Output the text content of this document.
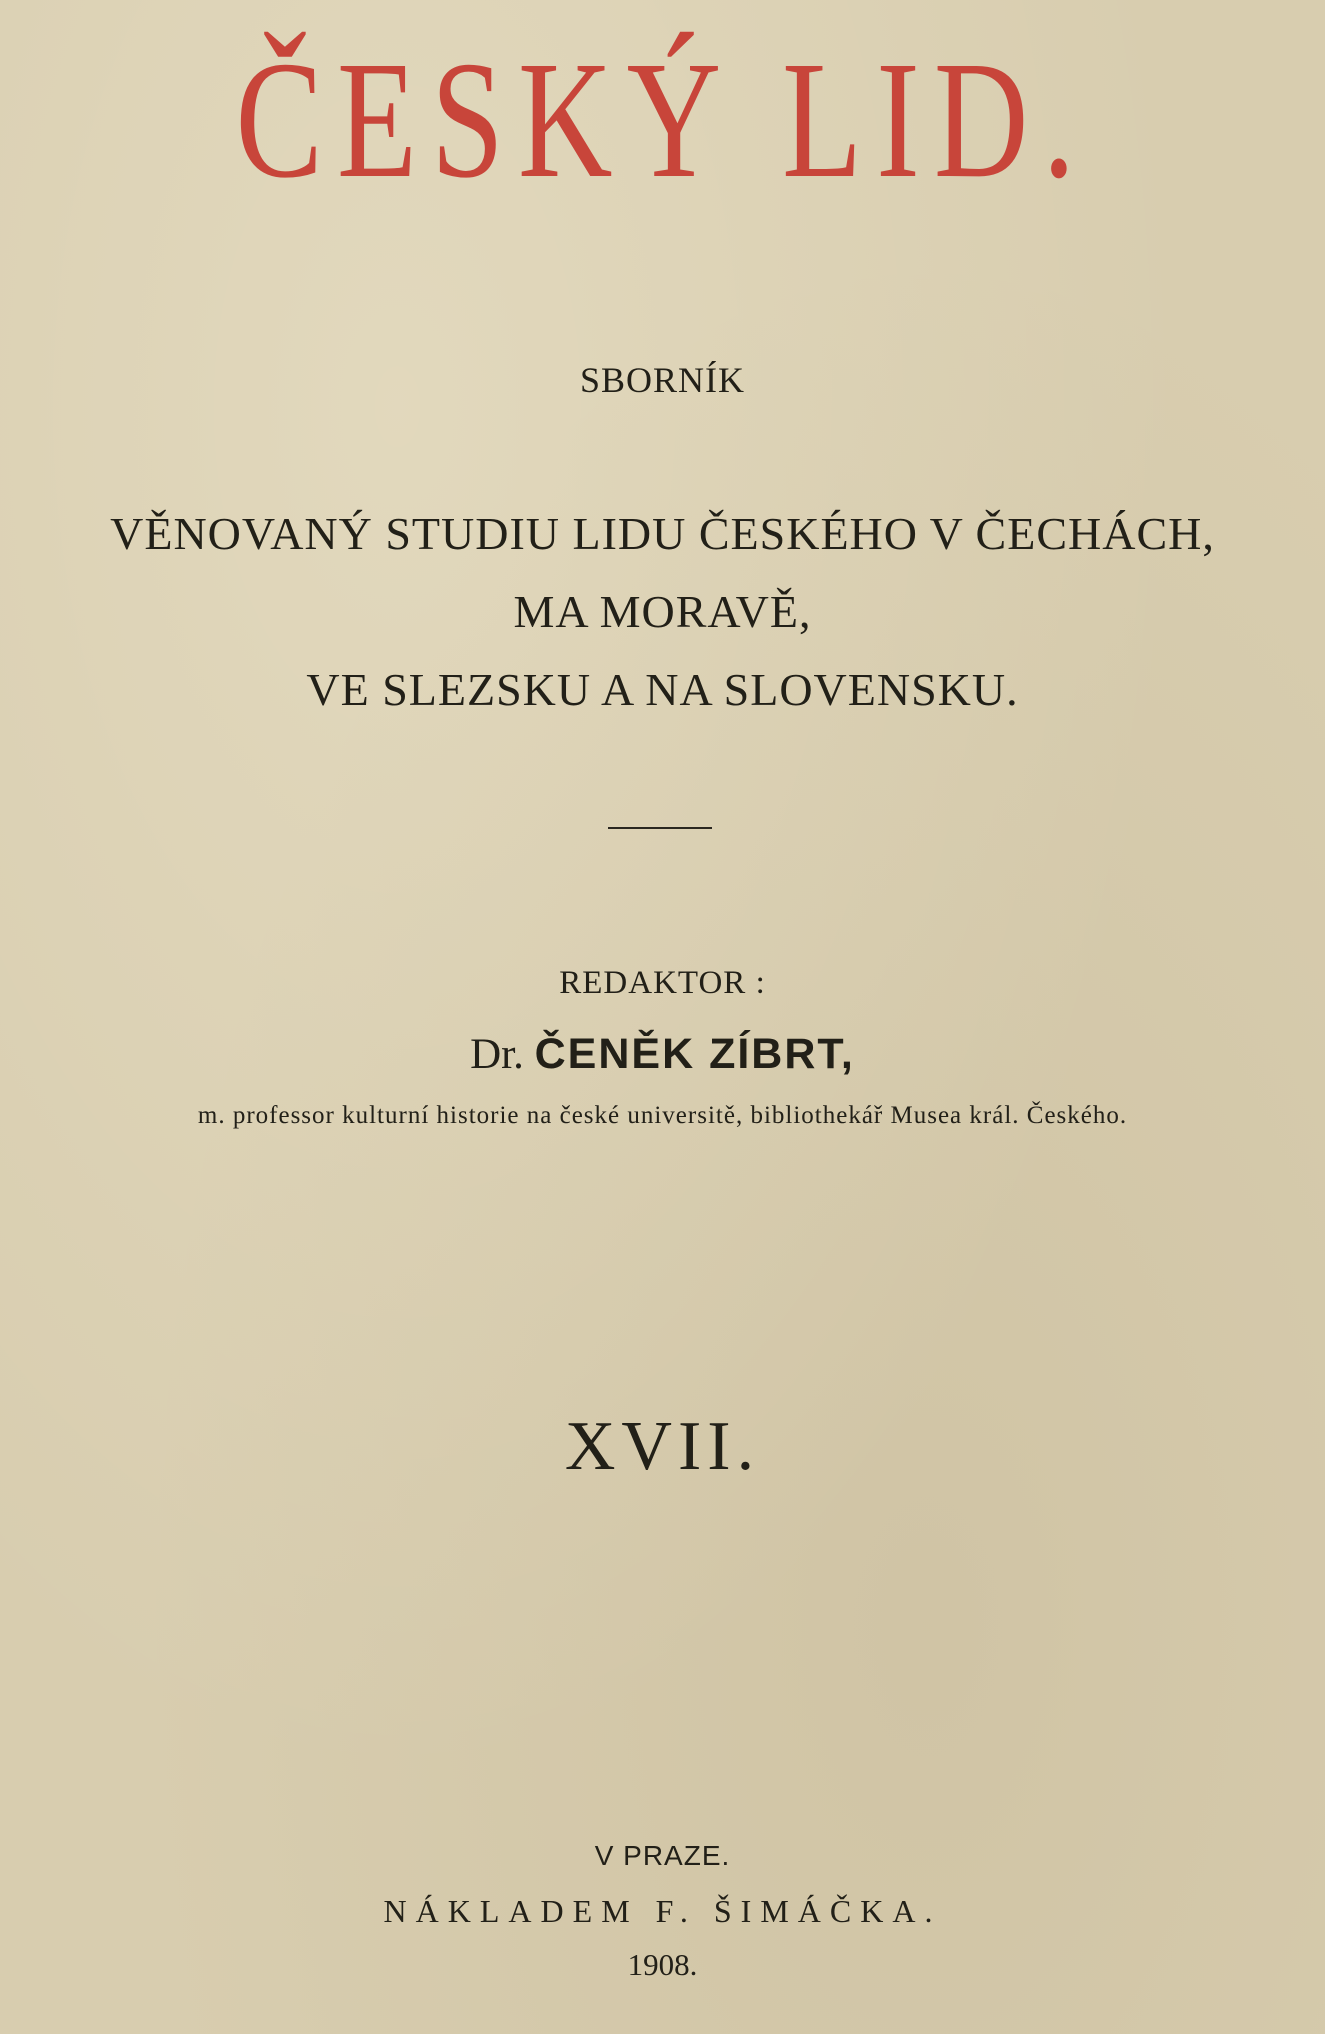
ČESKÝ LID.
SBORNÍK
VĚNOVANÝ STUDIU LIDU ČESKÉHO V ČECHÁCH,
MA MORAVĚ,
VE SLEZSKU A NA SLOVENSKU.
REDAKTOR :
Dr. ČENĚK ZÍBRT,
m. professor kulturní historie na české universitě, bibliothekář Musea král. Českého.
XVII.
V PRAZE.
NÁKLADEM F. ŠIMÁČKA.
1908.
